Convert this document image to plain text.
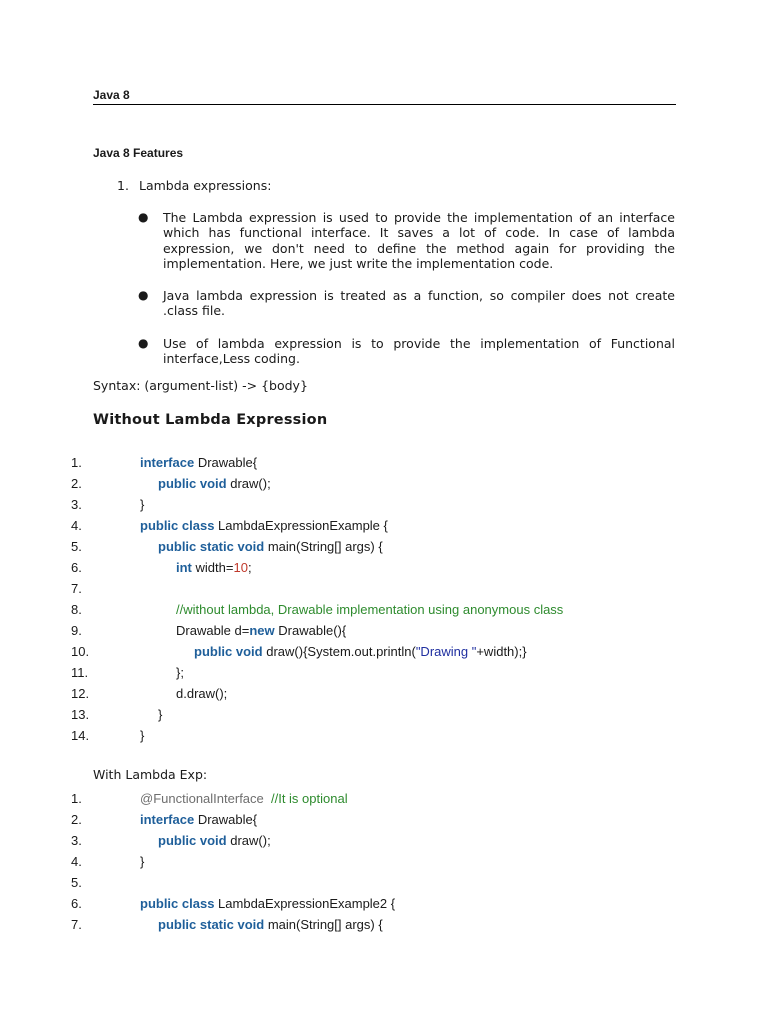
Java 8
Java 8 Features
1. Lambda expressions:
● The Lambda expression is used to provide the implementation of an interface which has functional interface. It saves a lot of code. In case of lambda expression, we don't need to define the method again for providing the implementation. Here, we just write the implementation code.
● Java lambda expression is treated as a function, so compiler does not create .class file.
● Use of lambda expression is to provide the implementation of Functional interface,Less coding.
Syntax: (argument-list) -> {body}
Without Lambda Expression
1.	interface Drawable{
2.	public void draw();
3.	}
4.	public class LambdaExpressionExample {
5.	public static void main(String[] args) {
6.	int width=10;
7.
8.	//without lambda, Drawable implementation using anonymous class
9.	Drawable d=new Drawable(){
10.	public void draw(){System.out.println("Drawing "+width);}
11.	};
12.	d.draw();
13.	}
14.	}
With Lambda Exp:
1.	@FunctionalInterface  //It is optional
2.	interface Drawable{
3.	public void draw();
4.	}
5.
6.	public class LambdaExpressionExample2 {
7.	public static void main(String[] args) {
